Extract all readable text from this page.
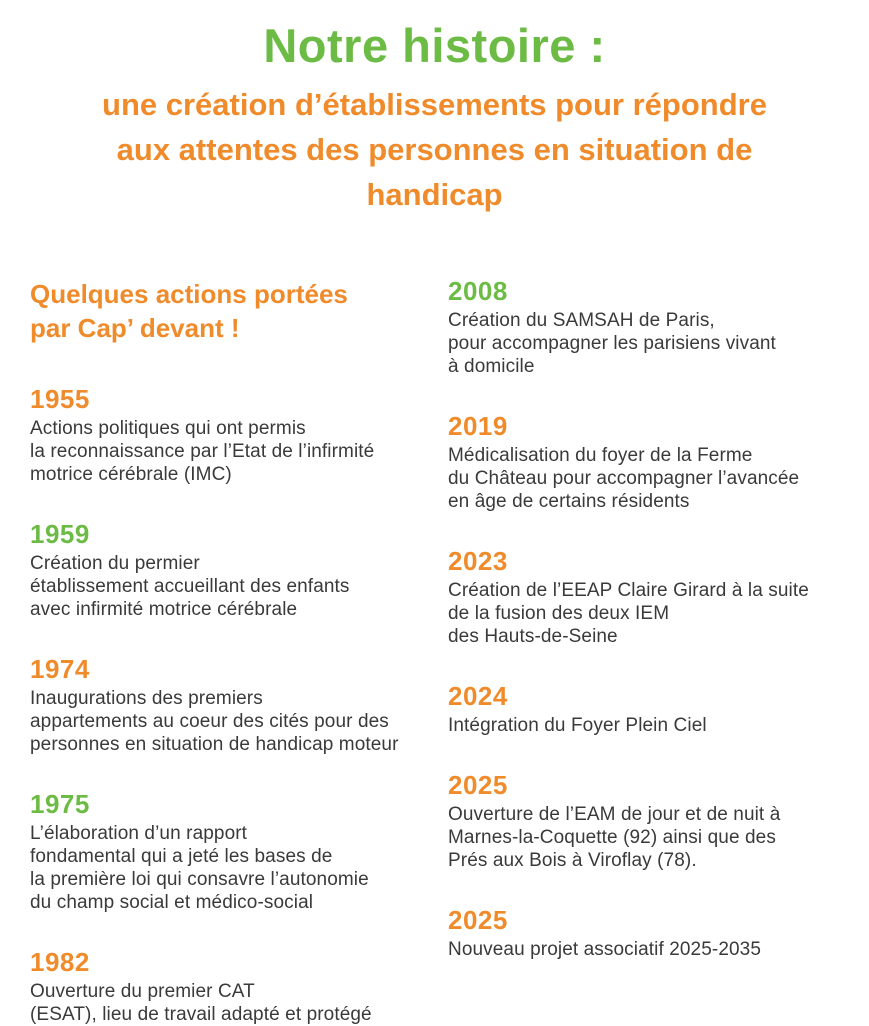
Notre histoire :
une création d’établissements pour répondre
aux attentes des personnes en situation de
handicap
Quelques actions portées
par Cap’ devant !
1955

Actions politiques qui ont permis
la reconnaissance par l’Etat de l’infirmité
motrice cérébrale (IMC)

1959

Création du permier
établissement accueillant des enfants
avec infirmité motrice cérébrale

1974

Inaugurations des premiers
appartements au coeur des cités pour des
personnes en situation de handicap moteur

1975

L’élaboration d’un rapport
fondamental qui a jeté les bases de
la première loi qui consavre l’autonomie
du champ social et médico-social

1982

Ouverture du premier CAT
(ESAT), lieu de travail adapté et protégé

2008

Création du SAMSAH de Paris,
pour accompagner les parisiens vivant
à domicile

2019

Médicalisation du foyer de la Ferme
du Château pour accompagner l’avancée
en âge de certains résidents

2023

Création de l’EEAP Claire Girard à la suite
de la fusion des deux IEM
des Hauts-de-Seine

2024

Intégration du Foyer Plein Ciel

2025

Ouverture de l’EAM de jour et de nuit à
Marnes-la-Coquette (92) ainsi que des
Prés aux Bois à Viroflay (78).

2025

Nouveau projet associatif 2025-2035
